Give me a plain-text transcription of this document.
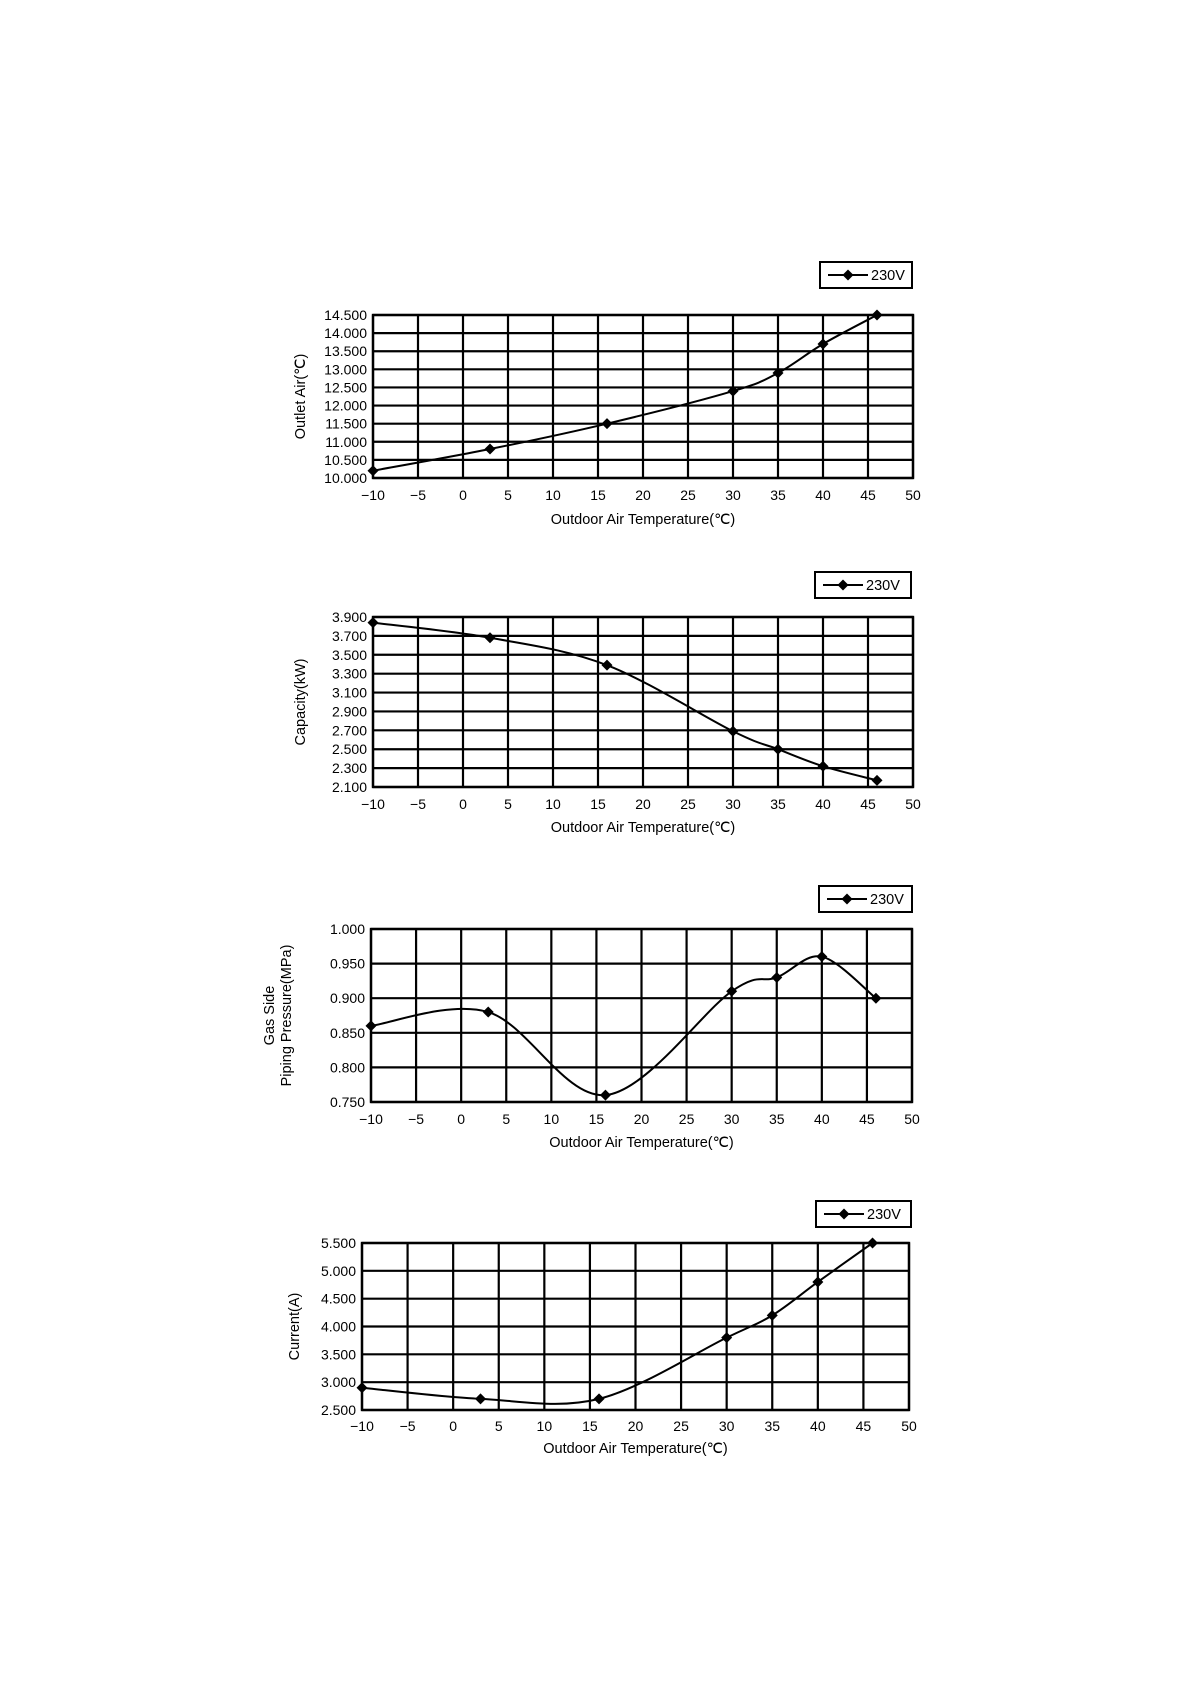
−10 −5 0	5 10 15 20 25 30 35 40 45 50
14.500
14.000
13.500
13.000
12.500
12.000
11.500
11.000
10.500
10.000
Outdoor Air Temperature(℃)
Outlet Air(℃)
230V
−10 −5 0	5 10 15 20 25 30 35 40 45 50
3.900
3.700
3.500
3.300
3.100
2.900
2.700
2.500
2.300
2.100
Outdoor Air Temperature(℃)
Capacity(kW)
230V
−10 −5 0	5 10 15 20 25 30 35 40 45 50
1.000
0.950
0.900
0.850
0.800
0.750
Outdoor Air Temperature(℃)
Gas Side Piping Pressure(MPa)
230V
−10 −5 0	5 10 15 20 25 30 35 40 45 50
5.500
5.000
4.500
4.000
3.500
3.000
2.500
Outdoor Air Temperature(℃)
Current(A)
230V
